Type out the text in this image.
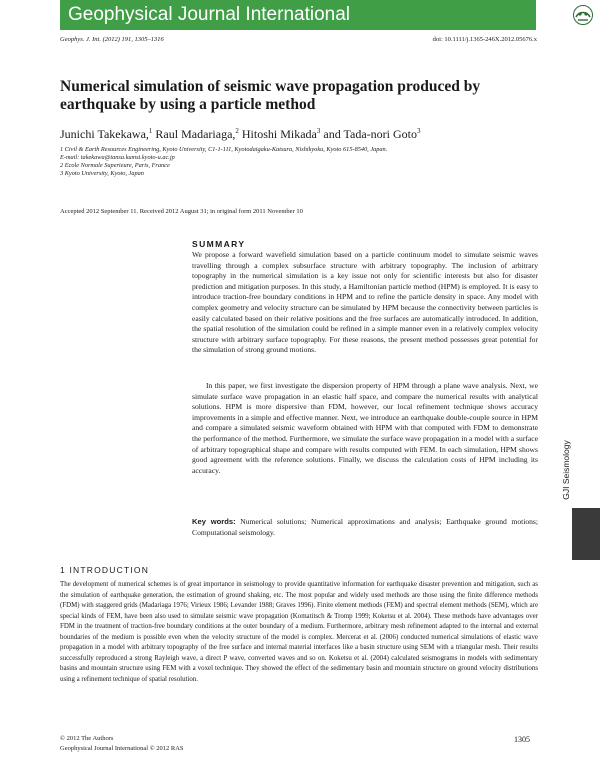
Geophysical Journal International
Geophys. J. Int. (2012) 191, 1305–1316	doi: 10.1111/j.1365-246X.2012.05676.x
Numerical simulation of seismic wave propagation produced by earthquake by using a particle method
Junichi Takekawa,$^1$ Raul Madariaga,$^2$ Hitoshi Mikada$^3$ and Tada-nori Goto$^3$
1 Civil & Earth Resources Engineering, Kyoto University, C1-1-111, Kyotodaigaku-Katsura, Nishikyoku, Kyoto 615-8540, Japan.
E-mail: takekawa@tansa.kumst.kyoto-u.ac.jp
2 Ecole Normale Superieure, Paris, France
3 Kyoto University, Kyoto, Japan
Accepted 2012 September 11. Received 2012 August 31; in original form 2011 November 10
SUMMARY

We propose a forward wavefield simulation based on a particle continuum model to simulate seismic waves travelling through a complex subsurface structure with arbitrary topography. The inclusion of arbitrary topography in the numerical simulation is a key issue not only for scientific interests but also for disaster prediction and mitigation purposes. In this study, a Hamiltonian particle method (HPM) is employed. It is easy to introduce traction-free boundary conditions in HPM and to refine the particle density in space. Any model with complex geometry and velocity structure can be simulated by HPM because the connectivity between particles is easily calculated based on their relative positions and the free surfaces are automatically introduced. In addition, the spatial resolution of the simulation could be refined in a simple manner even in a relatively complex velocity structure with arbitrary surface topography. For these reasons, the present method possesses great potential for the simulation of strong ground motions.

In this paper, we first investigate the dispersion property of HPM through a plane wave analysis. Next, we simulate surface wave propagation in an elastic half space, and compare the numerical results with analytical solutions. HPM is more dispersive than FDM, however, our local refinement technique shows accuracy improvements in a simple and effective manner. Next, we introduce an earthquake double-couple source in HPM and compare a simulated seismic waveform obtained with HPM with that computed with FDM to demonstrate the performance of the method. Furthermore, we simulate the surface wave propagation in a model with a surface of arbitrary topographical shape and compare with results computed with FEM. In each simulation, HPM shows good agreement with the reference solutions. Finally, we discuss the calculation costs of HPM including its accuracy.

Key words: Numerical solutions; Numerical approximations and analysis; Earthquake ground motions; Computational seismology.
GJI Seismology
1 INTRODUCTION

The development of numerical schemes is of great importance in seismology to provide quantitative information for earthquake disaster prevention and mitigation, such as the simulation of earthquake generation, the estimation of ground shaking, etc. The most popular and widely used methods are those using the finite difference methods (FDM) with staggered grids (Madariaga 1976; Virieux 1986; Levander 1988; Graves 1996). Finite element methods (FEM) and spectral element methods (SEM), which are special kinds of FEM, have been also used to simulate seismic wave propagation (Komatitsch & Tromp 1999; Koketsu et al. 2004). These methods have advantages over FDM in the treatment of traction-free boundary conditions at the outer boundary of a medium. Furthermore, arbitrary mesh refinement adapted to the internal and external boundaries of the medium is possible even when the velocity structure of the model is complex. Mercerat et al. (2006) conducted numerical simulations of elastic wave propagation in a model with arbitrary topography of the free surface and internal material interfaces like a basin structure using SEM with a triangular mesh. Their results successfully reproduced a strong Rayleigh wave, a direct P wave, converted waves and so on. Koketsu et al. (2004) calculated seismograms in models with sedimentary basins and mountain structure using FEM with a voxel technique. They showed the effect of the sedimentary basin and mountain structure on ground velocity distributions using a refinement technique of spatial resolution.

© 2012 The Authors
Geophysical Journal International © 2012 RAS
1305
